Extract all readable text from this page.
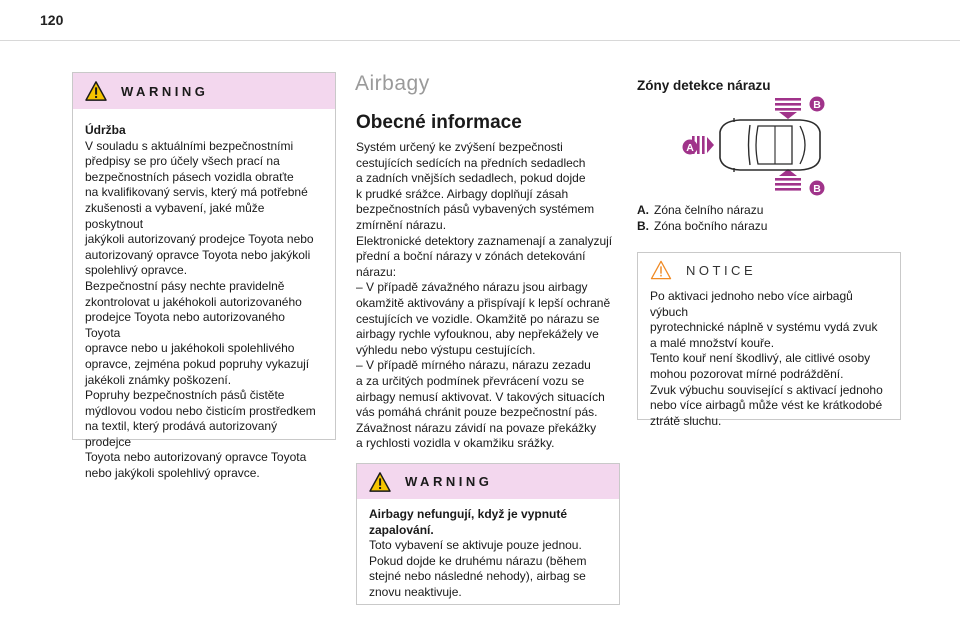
120
WARNING
Údržba
V souladu s aktuálními bezpečnostními
předpisy se pro účely všech prací na
bezpečnostních pásech vozidla obraťte
na kvalifikovaný servis, který má potřebné
zkušenosti a vybavení, jaké může poskytnout
jakýkoli autorizovaný prodejce Toyota nebo
autorizovaný opravce Toyota nebo jakýkoli
spolehlivý opravce.
Bezpečnostní pásy nechte pravidelně
zkontrolovat u jakéhokoli autorizovaného
prodejce Toyota nebo autorizovaného Toyota
opravce nebo u jakéhokoli spolehlivého
opravce, zejména pokud popruhy vykazují
jakékoli známky poškození.
Popruhy bezpečnostních pásů čistěte
mýdlovou vodou nebo čisticím prostředkem
na textil, který prodává autorizovaný prodejce
Toyota nebo autorizovaný opravce Toyota
nebo jakýkoli spolehlivý opravce.
Airbagy
Obecné informace
Systém určený ke zvýšení bezpečnosti
cestujících sedících na předních sedadlech
a zadních vnějších sedadlech, pokud dojde
k prudké srážce. Airbagy doplňují zásah
bezpečnostních pásů vybavených systémem
zmírnění nárazu.
Elektronické detektory zaznamenají a zanalyzují
přední a boční nárazy v zónách detekování
nárazu:
– V případě závažného nárazu jsou airbagy
okamžitě aktivovány a přispívají k lepší ochraně
cestujících ve vozidle. Okamžitě po nárazu se
airbagy rychle vyfouknou, aby nepřekážely ve
výhledu nebo výstupu cestujících.
– V případě mírného nárazu, nárazu zezadu
a za určitých podmínek převrácení vozu se
airbagy nemusí aktivovat. V takových situacích
vás pomáhá chránit pouze bezpečnostní pás.
Závažnost nárazu závidí na povaze překážky
a rychlosti vozidla v okamžiku srážky.
WARNING
Airbagy nefungují, když je vypnuté
zapalování.
Toto vybavení se aktivuje pouze jednou.
Pokud dojde ke druhému nárazu (během
stejné nebo následné nehody), airbag se
znovu neaktivuje.
Zóny detekce nárazu
A
B
B
A. Zóna čelního nárazu
B. Zóna bočního nárazu
NOTICE
Po aktivaci jednoho nebo více airbagů výbuch
pyrotechnické náplně v systému vydá zvuk
a malé množství kouře.
Tento kouř není škodlivý, ale citlivé osoby
mohou pozorovat mírné podráždění.
Zvuk výbuchu související s aktivací jednoho
nebo více airbagů může vést ke krátkodobé
ztrátě sluchu.
